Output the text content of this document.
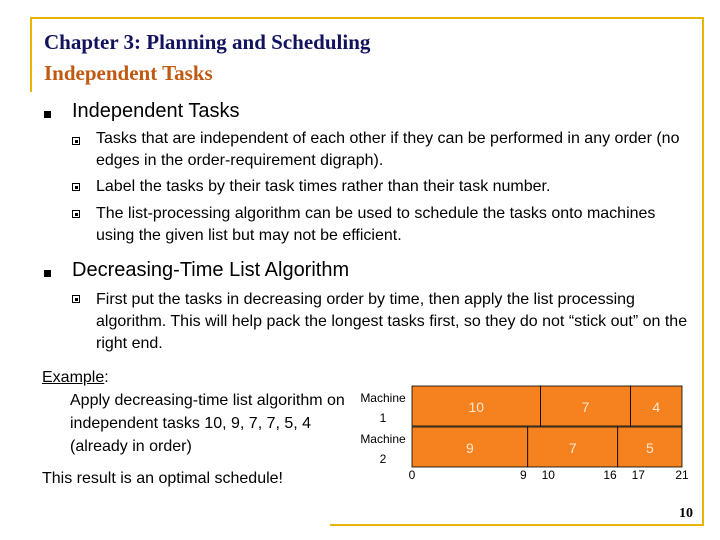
Chapter 3: Planning and Scheduling
Independent Tasks
Independent Tasks
Tasks that are independent of each other if they can be performed in any order (no edges in the order-requirement digraph).
Label the tasks by their task times rather than their task number.
The list-processing algorithm can be used to schedule the tasks onto machines using the given list but may not be efficient.
Decreasing-Time List Algorithm
First put the tasks in decreasing order by time, then apply the list processing algorithm. This will help pack the longest tasks first, so they do not “stick out” on the right end.
Example:
Apply decreasing-time list algorithm on independent tasks 10, 9, 7, 7, 5, 4 (already in order)
Machine
1
10	7	4
Machine
2
9	7	5
0	9 10	16 17	21
This result is an optimal schedule!
10
